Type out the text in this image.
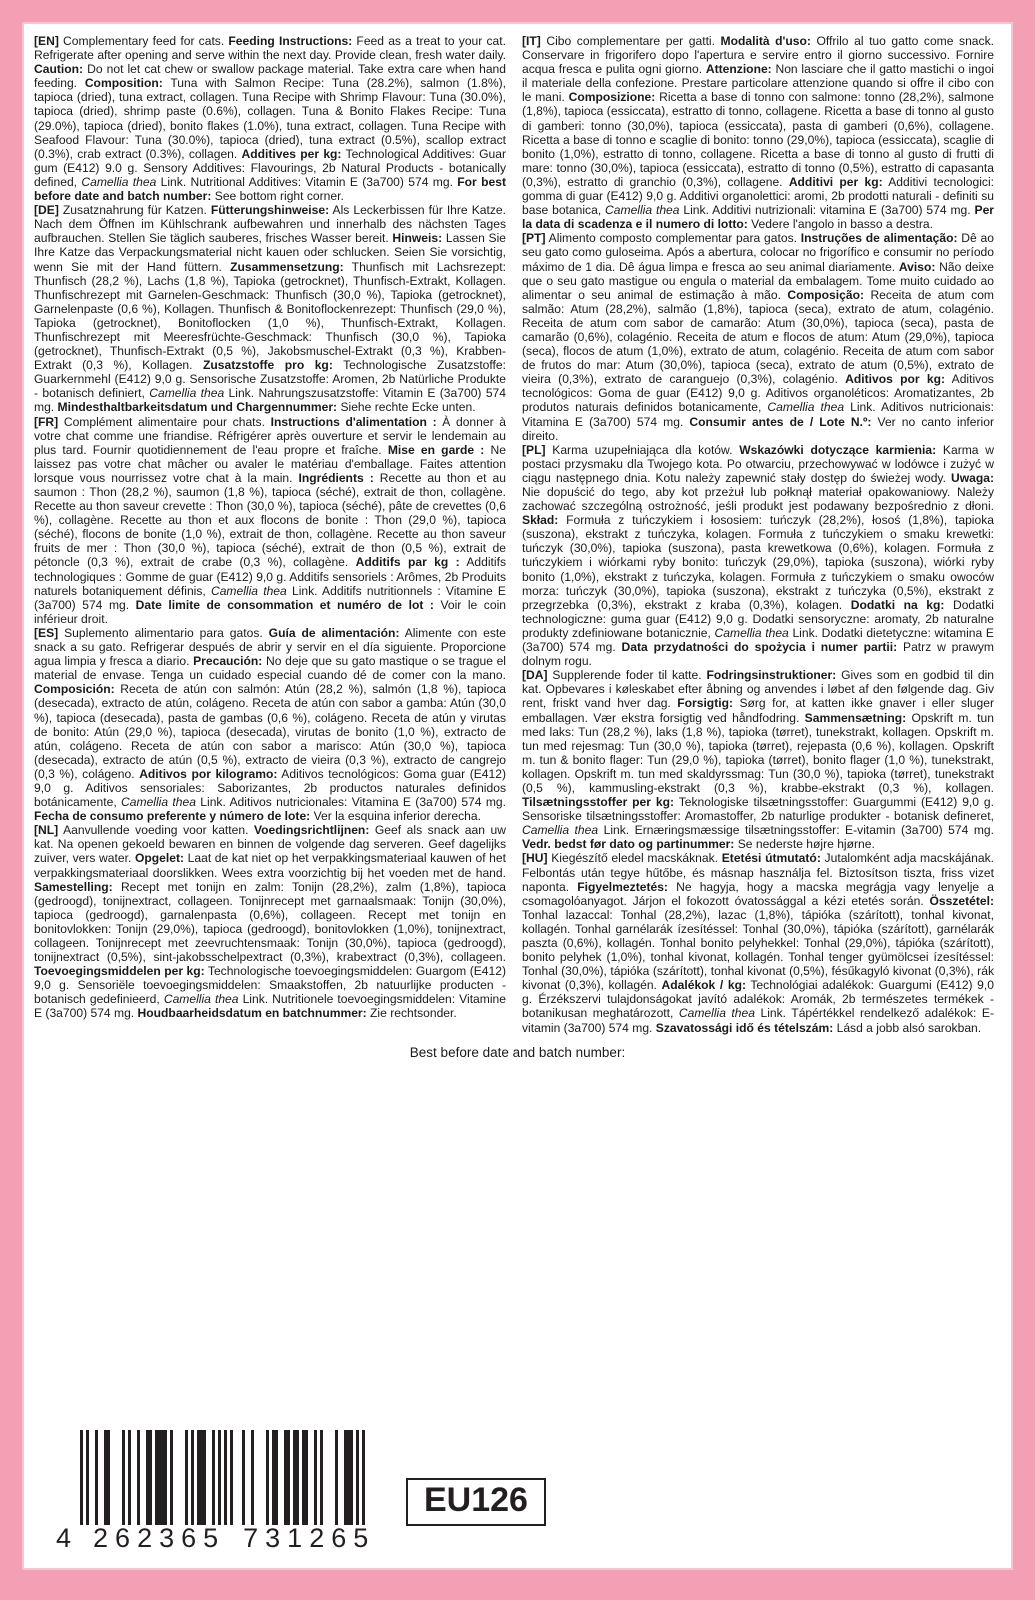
[EN] Complementary feed for cats. Feeding Instructions: Feed as a treat to your cat. Refrigerate after opening and serve within the next day. Provide clean, fresh water daily. Caution: Do not let cat chew or swallow package material. Take extra care when hand feeding. Composition: Tuna with Salmon Recipe: Tuna (28.2%), salmon (1.8%), tapioca (dried), tuna extract, collagen. Tuna Recipe with Shrimp Flavour: Tuna (30.0%), tapioca (dried), shrimp paste (0.6%), collagen. Tuna & Bonito Flakes Recipe: Tuna (29.0%), tapioca (dried), bonito flakes (1.0%), tuna extract, collagen. Tuna Recipe with Seafood Flavour: Tuna (30.0%), tapioca (dried), tuna extract (0.5%), scallop extract (0.3%), crab extract (0.3%), collagen. Additives per kg: Technological Additives: Guar gum (E412) 9.0 g. Sensory Additives: Flavourings, 2b Natural Products - botanically defined, Camellia thea Link. Nutritional Additives: Vitamin E (3a700) 574 mg. For best before date and batch number: See bottom right corner.

[DE] Zusatznahrung für Katzen. Fütterungshinweise: Als Leckerbissen für Ihre Katze. Nach dem Öffnen im Kühlschrank aufbewahren und innerhalb des nächsten Tages aufbrauchen. Stellen Sie täglich sauberes, frisches Wasser bereit. Hinweis: Lassen Sie Ihre Katze das Verpackungsmaterial nicht kauen oder schlucken. Seien Sie vorsichtig, wenn Sie mit der Hand füttern. Zusammensetzung: Thunfisch mit Lachsrezept: Thunfisch (28,2 %), Lachs (1,8 %), Tapioka (getrocknet), Thunfisch-Extrakt, Kollagen. Thunfischrezept mit Garnelen-Geschmack: Thunfisch (30,0 %), Tapioka (getrocknet), Garnelenpaste (0,6 %), Kollagen. Thunfisch & Bonitoflockenrezept: Thunfisch (29,0 %), Tapioka (getrocknet), Bonitoflocken (1,0 %), Thunfisch-Extrakt, Kollagen. Thunfischrezept mit Meeresfrüchte-Geschmack: Thunfisch (30,0 %), Tapioka (getrocknet), Thunfisch-Extrakt (0,5 %), Jakobsmuschel-Extrakt (0,3 %), Krabben-Extrakt (0,3 %), Kollagen. Zusatzstoffe pro kg: Technologische Zusatzstoffe: Guarkernmehl (E412) 9,0 g. Sensorische Zusatzstoffe: Aromen, 2b Natürliche Produkte - botanisch definiert, Camellia thea Link. Nahrungszusatzstoffe: Vitamin E (3a700) 574 mg. Mindesthaltbarkeitsdatum und Chargennummer: Siehe rechte Ecke unten.

[FR] Complément alimentaire pour chats. Instructions d'alimentation : À donner à votre chat comme une friandise. Réfrigérer après ouverture et servir le lendemain au plus tard. Fournir quotidiennement de l'eau propre et fraîche. Mise en garde : Ne laissez pas votre chat mâcher ou avaler le matériau d'emballage. Faites attention lorsque vous nourrissez votre chat à la main. Ingrédients : Recette au thon et au saumon : Thon (28,2 %), saumon (1,8 %), tapioca (séché), extrait de thon, collagène. Recette au thon saveur crevette : Thon (30,0 %), tapioca (séché), pâte de crevettes (0,6 %), collagène. Recette au thon et aux flocons de bonite : Thon (29,0 %), tapioca (séché), flocons de bonite (1,0 %), extrait de thon, collagène. Recette au thon saveur fruits de mer : Thon (30,0 %), tapioca (séché), extrait de thon (0,5 %), extrait de pétoncle (0,3 %), extrait de crabe (0,3 %), collagène. Additifs par kg : Additifs technologiques : Gomme de guar (E412) 9,0 g. Additifs sensoriels : Arômes, 2b Produits naturels botaniquement définis, Camellia thea Link. Additifs nutritionnels : Vitamine E (3a700) 574 mg. Date limite de consommation et numéro de lot : Voir le coin inférieur droit.

[ES] Suplemento alimentario para gatos. Guía de alimentación: Alimente con este snack a su gato. Refrigerar después de abrir y servir en el día siguiente. Proporcione agua limpia y fresca a diario. Precaución: No deje que su gato mastique o se trague el material de envase. Tenga un cuidado especial cuando dé de comer con la mano. Composición: Receta de atún con salmón: Atún (28,2 %), salmón (1,8 %), tapioca (desecada), extracto de atún, colágeno. Receta de atún con sabor a gamba: Atún (30,0 %), tapioca (desecada), pasta de gambas (0,6 %), colágeno. Receta de atún y virutas de bonito: Atún (29,0 %), tapioca (desecada), virutas de bonito (1,0 %), extracto de atún, colágeno. Receta de atún con sabor a marisco: Atún (30,0 %), tapioca (desecada), extracto de atún (0,5 %), extracto de vieira (0,3 %), extracto de cangrejo (0,3 %), colágeno. Aditivos por kilogramo: Aditivos tecnológicos: Goma guar (E412) 9,0 g. Aditivos sensoriales: Saborizantes, 2b productos naturales definidos botánicamente, Camellia thea Link. Aditivos nutricionales: Vitamina E (3a700) 574 mg. Fecha de consumo preferente y número de lote: Ver la esquina inferior derecha.

[NL] Aanvullende voeding voor katten. Voedingsrichtlijnen: Geef als snack aan uw kat. Na openen gekoeld bewaren en binnen de volgende dag serveren. Geef dagelijks zuiver, vers water. Opgelet: Laat de kat niet op het verpakkingsmateriaal kauwen of het verpakkingsmateriaal doorslikken. Wees extra voorzichtig bij het voeden met de hand. Samestelling: Recept met tonijn en zalm: Tonijn (28,2%), zalm (1,8%), tapioca (gedroogd), tonijnextract, collageen. Tonijnrecept met garnaalsmaak: Tonijn (30,0%), tapioca (gedroogd), garnalenpasta (0,6%), collageen. Recept met tonijn en bonitovlokken: Tonijn (29,0%), tapioca (gedroogd), bonitovlokken (1,0%), tonijnextract, collageen. Tonijnrecept met zeevruchtensmaak: Tonijn (30,0%), tapioca (gedroogd), tonijnextract (0,5%), sint-jakobsschelpextract (0,3%), krabextract (0,3%), collageen. Toevoegingsmiddelen per kg: Technologische toevoegingsmiddelen: Guargom (E412) 9,0 g. Sensoriële toevoegingsmiddelen: Smaakstoffen, 2b natuurlijke producten - botanisch gedefinieerd, Camellia thea Link. Nutritionele toevoegingsmiddelen: Vitamine E (3a700) 574 mg. Houdbaarheidsdatum en batchnummer: Zie rechtsonder.

[IT] Cibo complementare per gatti. Modalità d'uso: Offrilo al tuo gatto come snack. Conservare in frigorifero dopo l'apertura e servire entro il giorno successivo. Fornire acqua fresca e pulita ogni giorno. Attenzione: Non lasciare che il gatto mastichi o ingoi il materiale della confezione. Prestare particolare attenzione quando si offre il cibo con le mani. Composizione: Ricetta a base di tonno con salmone: tonno (28,2%), salmone (1,8%), tapioca (essiccata), estratto di tonno, collagene. Ricetta a base di tonno al gusto di gamberi: tonno (30,0%), tapioca (essiccata), pasta di gamberi (0,6%), collagene. Ricetta a base di tonno e scaglie di bonito: tonno (29,0%), tapioca (essiccata), scaglie di bonito (1,0%), estratto di tonno, collagene. Ricetta a base di tonno al gusto di frutti di mare: tonno (30,0%), tapioca (essiccata), estratto di tonno (0,5%), estratto di capasanta (0,3%), estratto di granchio (0,3%), collagene. Additivi per kg: Additivi tecnologici: gomma di guar (E412) 9,0 g. Additivi organolettici: aromi, 2b prodotti naturali - definiti su base botanica, Camellia thea Link. Additivi nutrizionali: vitamina E (3a700) 574 mg. Per la data di scadenza e il numero di lotto: Vedere l'angolo in basso a destra.

[PT] Alimento composto complementar para gatos. Instruções de alimentação: Dê ao seu gato como guloseima. Após a abertura, colocar no frigorífico e consumir no período máximo de 1 dia. Dê água limpa e fresca ao seu animal diariamente. Aviso: Não deixe que o seu gato mastigue ou engula o material da embalagem. Tome muito cuidado ao alimentar o seu animal de estimação à mão. Composição: Receita de atum com salmão: Atum (28,2%), salmão (1,8%), tapioca (seca), extrato de atum, colagénio. Receita de atum com sabor de camarão: Atum (30,0%), tapioca (seca), pasta de camarão (0,6%), colagénio. Receita de atum e flocos de atum: Atum (29,0%), tapioca (seca), flocos de atum (1,0%), extrato de atum, colagénio. Receita de atum com sabor de frutos do mar: Atum (30,0%), tapioca (seca), extrato de atum (0,5%), extrato de vieira (0,3%), extrato de caranguejo (0,3%), colagénio. Aditivos por kg: Aditivos tecnológicos: Goma de guar (E412) 9,0 g. Aditivos organoléticos: Aromatizantes, 2b produtos naturais definidos botanicamente, Camellia thea Link. Aditivos nutricionais: Vitamina E (3a700) 574 mg. Consumir antes de / Lote N.º: Ver no canto inferior direito.

[PL] Karma uzupełniająca dla kotów. Wskazówki dotyczące karmienia: Karma w postaci przysmaku dla Twojego kota. Po otwarciu, przechowywać w lodówce i zużyć w ciągu następnego dnia. Kotu należy zapewnić stały dostęp do świeżej wody. Uwaga: Nie dopuścić do tego, aby kot przeżuł lub połknął materiał opakowaniowy. Należy zachować szczególną ostrożność, jeśli produkt jest podawany bezpośrednio z dłoni. Skład: Formuła z tuńczykiem i łososiem: tuńczyk (28,2%), łosoś (1,8%), tapioka (suszona), ekstrakt z tuńczyka, kolagen. Formuła z tuńczykiem o smaku krewetki: tuńczyk (30,0%), tapioka (suszona), pasta krewetkowa (0,6%), kolagen. Formuła z tuńczykiem i wiórkami ryby bonito: tuńczyk (29,0%), tapioka (suszona), wiórki ryby bonito (1,0%), ekstrakt z tuńczyka, kolagen. Formuła z tuńczykiem o smaku owoców morza: tuńczyk (30,0%), tapioka (suszona), ekstrakt z tuńczyka (0,5%), ekstrakt z przegrzebka (0,3%), ekstrakt z kraba (0,3%), kolagen. Dodatki na kg: Dodatki technologiczne: guma guar (E412) 9,0 g. Dodatki sensoryczne: aromaty, 2b naturalne produkty zdefiniowane botanicznie, Camellia thea Link. Dodatki dietetyczne: witamina E (3a700) 574 mg. Data przydatności do spożycia i numer partii: Patrz w prawym dolnym rogu.

[DA] Supplerende foder til katte. Fodringsinstruktioner: Gives som en godbid til din kat. Opbevares i køleskabet efter åbning og anvendes i løbet af den følgende dag. Giv rent, friskt vand hver dag. Forsigtig: Sørg for, at katten ikke gnaver i eller sluger emballagen. Vær ekstra forsigtig ved håndfodring. Sammensætning: Opskrift m. tun med laks: Tun (28,2 %), laks (1,8 %), tapioka (tørret), tunekstrakt, kollagen. Opskrift m. tun med rejesmag: Tun (30,0 %), tapioka (tørret), rejepasta (0,6 %), kollagen. Opskrift m. tun & bonito flager: Tun (29,0 %), tapioka (tørret), bonito flager (1,0 %), tunekstrakt, kollagen. Opskrift m. tun med skaldyrssmag: Tun (30,0 %), tapioka (tørret), tunekstrakt (0,5 %), kammusling-ekstrakt (0,3 %), krabbe-ekstrakt (0,3 %), kollagen. Tilsætningsstoffer per kg: Teknologiske tilsætningsstoffer: Guargummi (E412) 9,0 g. Sensoriske tilsætningsstoffer: Aromastoffer, 2b naturlige produkter - botanisk defineret, Camellia thea Link. Ernæringsmæssige tilsætningsstoffer: E-vitamin (3a700) 574 mg. Vedr. bedst før dato og partinummer: Se nederste højre hjørne.

[HU] Kiegészítő eledel macskáknak. Etetési útmutató: Jutalomként adja macskájának. Felbontás után tegye hűtőbe, és másnap használja fel. Biztosítson tiszta, friss vizet naponta. Figyelmeztetés: Ne hagyja, hogy a macska megrágja vagy lenyelje a csomagolóanyagot. Járjon el fokozott óvatossággal a kézi etetés során. Összetétel: Tonhal lazaccal: Tonhal (28,2%), lazac (1,8%), tápióka (szárított), tonhal kivonat, kollagén. Tonhal garnélarák ízesítéssel: Tonhal (30,0%), tápióka (szárított), garnélarák paszta (0,6%), kollagén. Tonhal bonito pelyhekkel: Tonhal (29,0%), tápióka (szárított), bonito pelyhek (1,0%), tonhal kivonat, kollagén. Tonhal tenger gyümölcsei ízesítéssel: Tonhal (30,0%), tápióka (szárított), tonhal kivonat (0,5%), fésűkagyló kivonat (0,3%), rák kivonat (0,3%), kollagén. Adalékok / kg: Technológiai adalékok: Guargumi (E412) 9,0 g. Érzékszervi tulajdonságokat javító adalékok: Aromák, 2b természetes termékek - botanikusan meghatározott, Camellia thea Link. Tápértékkel rendelkező adalékok: E-vitamin (3a700) 574 mg. Szavatossági idő és tételszám: Lásd a jobb alsó sarokban.

Best before date and batch number:
4 262365 731265
EU126
